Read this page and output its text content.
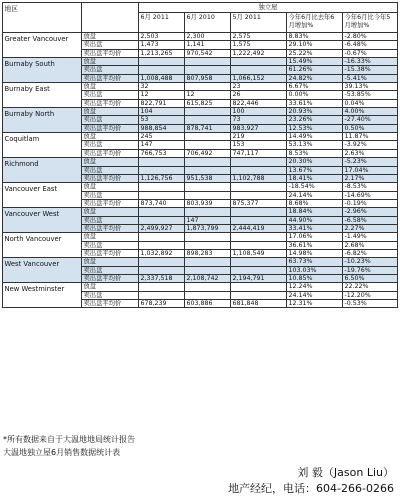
地区		独立屋				
		6月 2011	6月 2010	5月 2011	今年6月比去年6月增加%	今年6月比今年5月增加%
Greater Vancouver	放盘	2,503	2,300	2,575	8.83%	-2.80%
	卖出盘	1,473	1,141	1,575	29.10%	-6.48%
	卖出盘平均价	1,213,265	970,542	1,222,492	25.22%	-0.67%
Burnaby South	放盘				15.49%	-16.33%
	卖出盘				61.26%	-15.38%
	卖出盘平均价	1,008,488	807,958	1,066,152	24.82%	-5.41%
Burnaby East	放盘	32		23	6.67%	39.13%
	卖出盘	12	12	26	0.00%	-53.85%
	卖出盘平均价	822,791	615,825	822,446	33.61%	0.04%
Burnaby North	放盘	104		100	20.93%	4.00%
	卖出盘	53		73	23.26%	-27.40%
	卖出盘平均价	988,854	878,741	983,927	12.53%	0.50%
Coquitlam	放盘	245		219	14.49%	11.87%
	卖出盘	147		153	53.13%	-3.92%
	卖出盘平均价	766,753	706,492	747,117	8.53%	2.63%
Richmond	放盘				20.30%	-5.23%
	卖出盘				13.67%	17.04%
	卖出盘平均价	1,126,756	951,538	1,102,788	18.41%	2.17%
Vancouver East	放盘				-18.54%	-8.53%
	卖出盘				24.14%	-14.69%
	卖出盘平均价	873,740	803,939	875,377	8.68%	-0.19%
Vancouver West	放盘				18.84%	-2.96%
	卖出盘		147		44.90%	-6.58%
	卖出盘平均价	2,499,927	1,873,799	2,444,419	33.41%	2.27%
North Vancouver	放盘				17.06%	-1.49%
	卖出盘				36.61%	2.68%
	卖出盘平均价	1,032,892	898,283	1,108,549	14.98%	-6.82%
West Vancouver	放盘				63.73%	-10.23%
	卖出盘				103.03%	-19.76%
	卖出盘平均价	2,337,518	2,108,742	2,194,791	10.85%	6.50%
New Westminster	放盘				12.24%	22.22%
	卖出盘				24.14%	-12.20%
	卖出盘平均价	678,239	603,886	681,848	12.31%	-0.53%
*所有数据来自于大温地地局统计报告
大温地独立屋6月销售数据统计表
刘 毅（Jason Liu）
地产经纪，电话：604-266-0266
